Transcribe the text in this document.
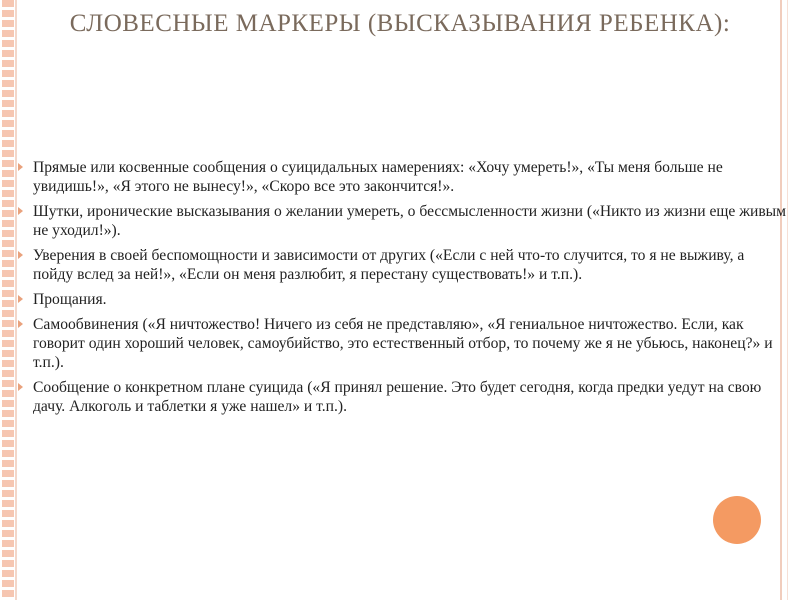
СЛОВЕСНЫЕ МАРКЕРЫ (ВЫСКАЗЫВАНИЯ РЕБЕНКА):
Прямые или косвенные сообщения о суицидальных намерениях: «Хочу умереть!», «Ты меня больше не увидишь!», «Я этого не вынесу!», «Скоро все это закончится!».
Шутки, иронические высказывания о желании умереть, о бессмысленности жизни («Никто из жизни еще живым не уходил!»).
Уверения в своей беспомощности и зависимости от других («Если с ней что-то случится, то я не выживу, а пойду вслед за ней!», «Если он меня разлюбит, я перестану существовать!» и т.п.).
Прощания.
Самообвинения («Я ничтожество! Ничего из себя не представляю», «Я гениальное ничтожество. Если, как говорит один хороший человек, самоубийство, это естественный отбор, то почему же я не убьюсь, наконец?» и т.п.).
Сообщение о конкретном плане суицида («Я принял решение. Это будет сегодня, когда предки уедут на свою дачу. Алкоголь и таблетки я уже нашел» и т.п.).
